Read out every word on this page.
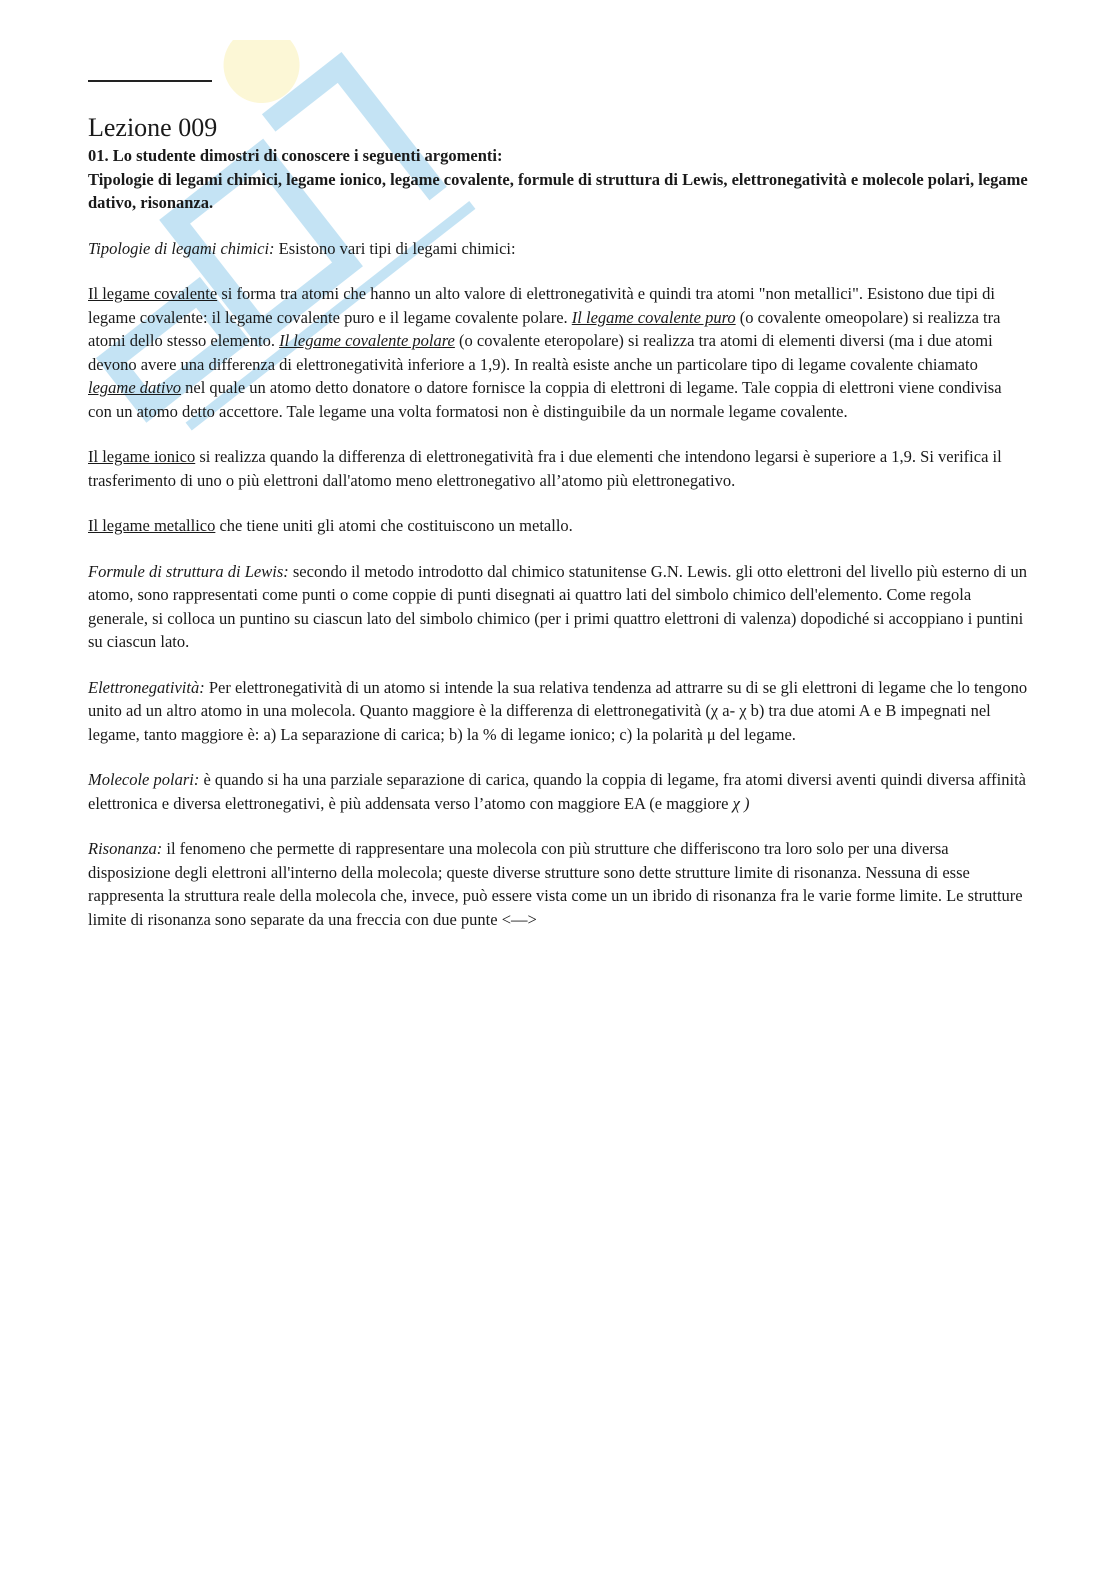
Lezione 009
01. Lo studente dimostri di conoscere i seguenti argomenti:

Tipologie di legami chimici, legame ionico, legame covalente, formule di struttura di Lewis, elettronegatività e molecole polari, legame dativo, risonanza.

Tipologie di legami chimici: Esistono vari tipi di legami chimici:

Il legame covalente si forma tra atomi che hanno un alto valore di elettronegatività e quindi tra atomi "non metallici". Esistono due tipi di legame covalente: il legame covalente puro e il legame covalente polare. Il legame covalente puro (o covalente omeopolare) si realizza tra atomi dello stesso elemento. Il legame covalente polare (o covalente eteropolare) si realizza tra atomi di elementi diversi (ma i due atomi devono avere una differenza di elettronegatività inferiore a 1,9). In realtà esiste anche un particolare tipo di legame covalente chiamato legame dativo nel quale un atomo detto donatore o datore fornisce la coppia di elettroni di legame. Tale coppia di elettroni viene condivisa con un atomo detto accettore. Tale legame una volta formatosi non è distinguibile da un normale legame covalente.

Il legame ionico si realizza quando la differenza di elettronegatività fra i due elementi che intendono legarsi è superiore a 1,9. Si verifica il trasferimento di uno o più elettroni dall'atomo meno elettronegativo all’atomo più elettronegativo.

Il legame metallico che tiene uniti gli atomi che costituiscono un metallo.

Formule di struttura di Lewis: secondo il metodo introdotto dal chimico statunitense G.N. Lewis. gli otto elettroni del livello più esterno di un atomo, sono rappresentati come punti o come coppie di punti disegnati ai quattro lati del simbolo chimico dell'elemento. Come regola generale, si colloca un puntino su ciascun lato del simbolo chimico (per i primi quattro elettroni di valenza) dopodiché si accoppiano i puntini su ciascun lato.

Elettronegatività: Per elettronegatività di un atomo si intende la sua relativa tendenza ad attrarre su di se gli elettroni di legame che lo tengono unito ad un altro atomo in una molecola. Quanto maggiore è la differenza di elettronegatività (χ a- χ b) tra due atomi A e B impegnati nel legame, tanto maggiore è: a) La separazione di carica; b) la % di legame ionico; c) la polarità μ del legame.

Molecole polari: è quando si ha una parziale separazione di carica, quando la coppia di legame, fra atomi diversi aventi quindi diversa affinità elettronica e diversa elettronegativi, è più addensata verso l’atomo con maggiore EA (e maggiore χ )

Risonanza: il fenomeno che permette di rappresentare una molecola con più strutture che differiscono tra loro solo per una diversa disposizione degli elettroni all'interno della molecola; queste diverse strutture sono dette strutture limite di risonanza. Nessuna di esse rappresenta la struttura reale della molecola che, invece, può essere vista come un un ibrido di risonanza fra le varie forme limite. Le strutture limite di risonanza sono separate da una freccia con due punte <—>
